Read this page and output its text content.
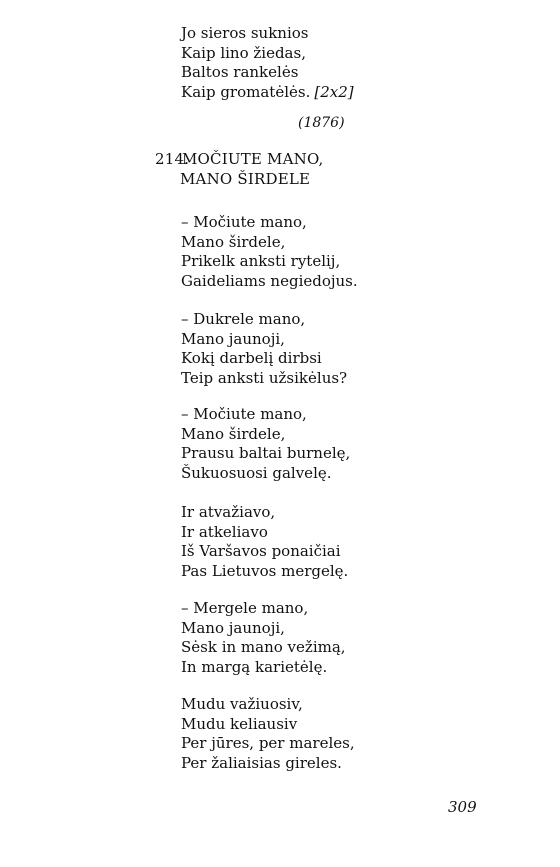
Jo sieros suknios
Kaip lino žiedas,
Baltos rankelės
Kaip gromatėlės. [2x2]
(1876)
214.MOČIUTE MANO,
MANO ŠIRDELE
– Močiute mano,
Mano širdele,
Prikelk anksti rytelij,
Gaideliams negiedojus.
– Dukrele mano,
Mano jaunoji,
Kokį darbelį dirbsi
Teip anksti užsikėlus?
– Močiute mano,
Mano širdele,
Prausu baltai burnelę,
Šukuosuosi galvelę.
Ir atvažiavo,
Ir atkeliavo
Iš Varšavos ponaičiai
Pas Lietuvos mergelę.
– Mergele mano,
Mano jaunoji,
Sėsk in mano vežimą,
In margą karietėlę.
Mudu važiuosiv,
Mudu keliausiv
Per jūres, per mareles,
Per žaliaisias gireles.
309
